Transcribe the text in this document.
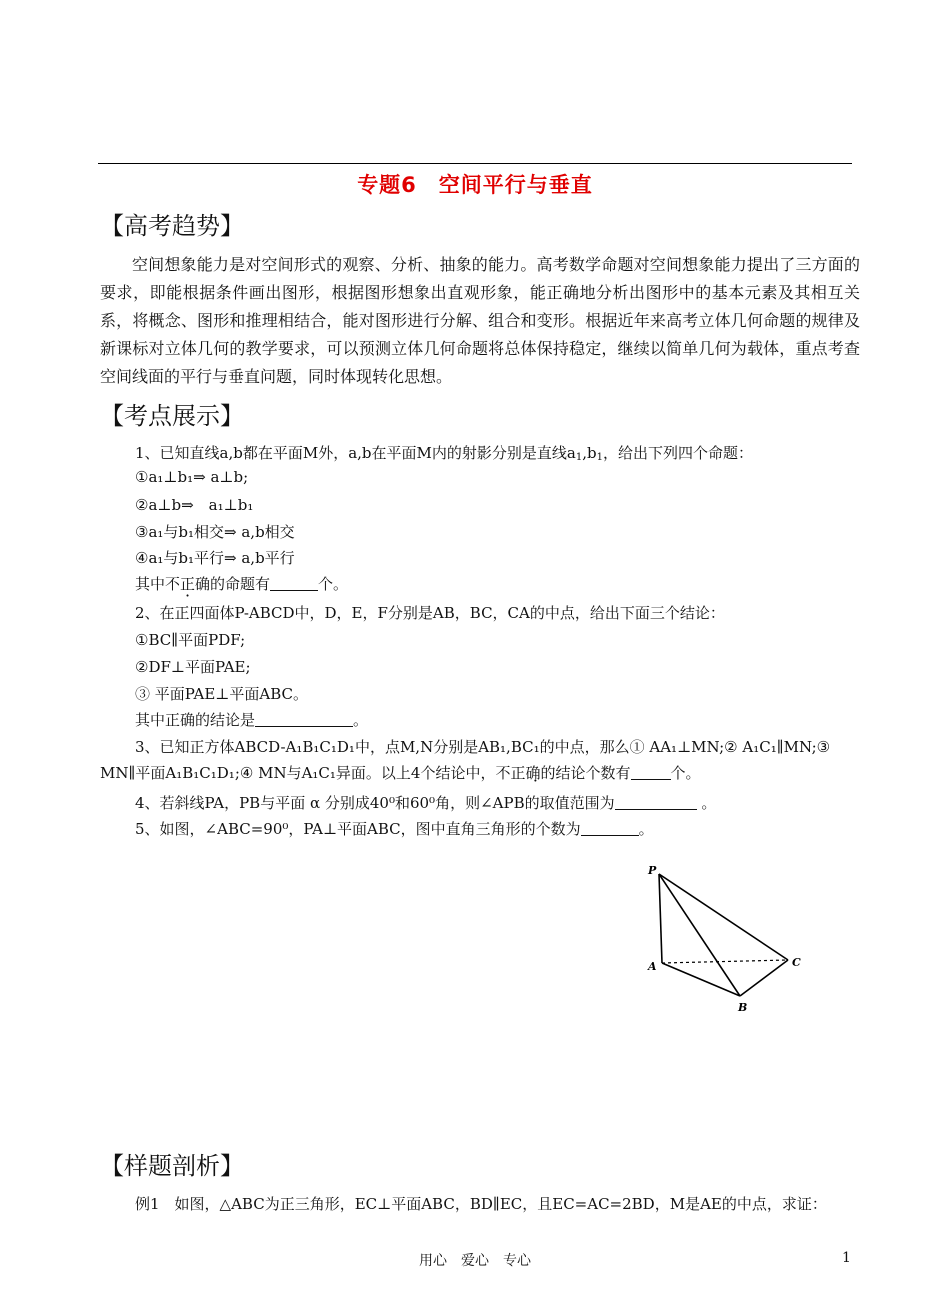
专题6　空间平行与垂直
【高考趋势】

空间想象能力是对空间形式的观察、分析、抽象的能力。高考数学命题对空间想象能力提出了三方面的要求，即能根据条件画出图形，根据图形想象出直观形象，能正确地分析出图形中的基本元素及其相互关系，将概念、图形和推理相结合，能对图形进行分解、组合和变形。根据近年来高考立体几何命题的规律及新课标对立体几何的教学要求，可以预测立体几何命题将总体保持稳定，继续以简单几何为载体，重点考查空间线面的平行与垂直问题，同时体现转化思想。

【考点展示】
1、已知直线a,b都在平面M外，a,b在平面M内的射影分别是直线$a_1,b_1$，给出下列四个命题：
①a₁⊥b₁⇒ a⊥b;
②a⊥b⇒　a₁⊥b₁
③a₁与b₁相交⇒ a,b相交
④a₁与b₁平行⇒ a,b平行
其中不正确的命题有	个。
2、在正四面体P-ABCD中，D，E，F分别是AB，BC，CA的中点，给出下面三个结论：
①BC∥平面PDF;
②DF⊥平面PAE;
③ 平面PAE⊥平面ABC。
其中正确的结论是	。
3、已知正方体ABCD-A₁B₁C₁D₁中，点M,N分别是AB₁,BC₁的中点，那么① AA₁⊥MN;② A₁C₁∥MN;③ MN∥平面A₁B₁C₁D₁;④ MN与A₁C₁异面。以上4个结论中，不正确的结论个数有	个。
4、若斜线PA，PB与平面 α 分别成40⁰和60⁰角，则∠APB的取值范围为	。
5、如图，∠ABC=90⁰，PA⊥平面ABC，图中直角三角形的个数为	。
P
A
B
C
【样题剖析】
例1　如图，△ABC为正三角形，EC⊥平面ABC，BD∥EC，且EC=AC=2BD，M是AE的中点，求证：
用心　爱心　专心	1
